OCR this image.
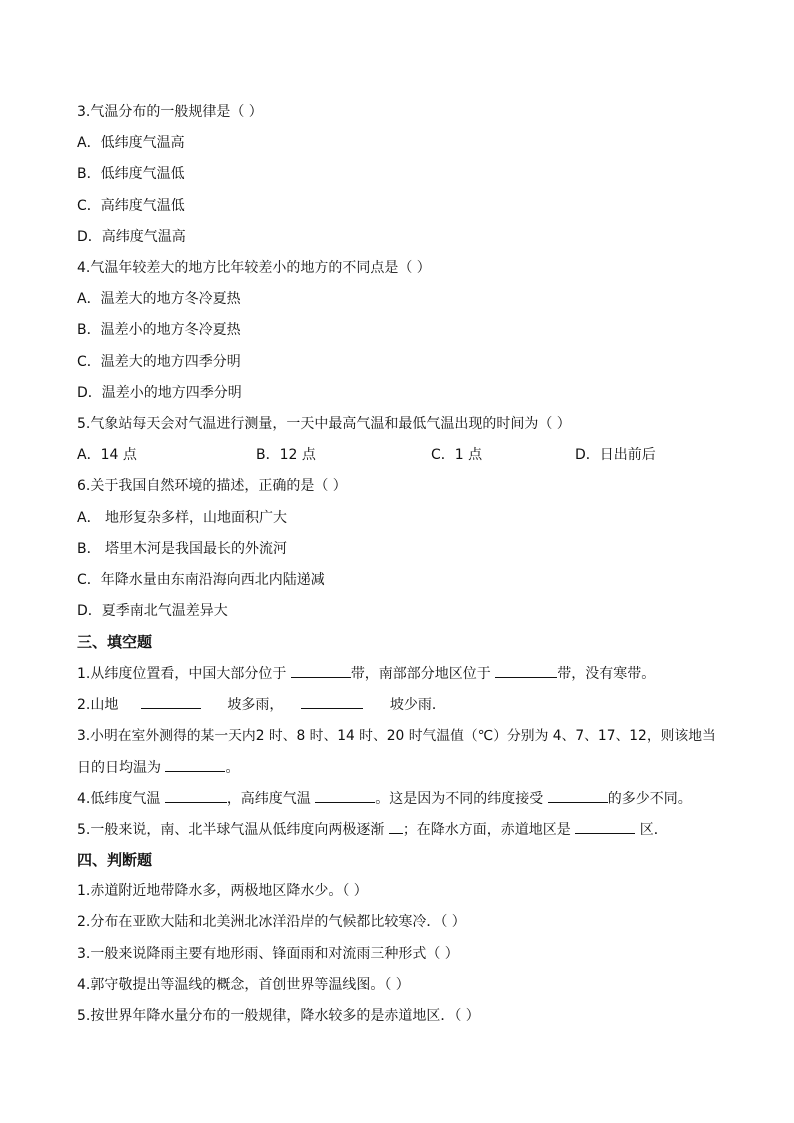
3.气温分布的一般规律是（ ）
A．低纬度气温高
B．低纬度气温低
C．高纬度气温低
D．高纬度气温高
4.气温年较差大的地方比年较差小的地方的不同点是（ ）
A．温差大的地方冬冷夏热
B．温差小的地方冬冷夏热
C．温差大的地方四季分明
D．温差小的地方四季分明
5.气象站每天会对气温进行测量，一天中最高气温和最低气温出现的时间为（ ）
A．14 点	B．12 点	C．1 点	D．日出前后
6.关于我国自然环境的描述，正确的是（ ）
A． 地形复杂多样，山地面积广大
B． 塔里木河是我国最长的外流河
C．年降水量由东南沿海向西北内陆递减
D．夏季南北气温差异大
三、填空题
1.从纬度位置看，中国大部分位于	带，南部部分地区位于	带，没有寒带。
2.山地	坡多雨，	坡少雨．
3.小明在室外测得的某一天内2 时、8 时、14 时、20 时气温值（℃）分别为 4、7、17、12，则该地当
日的日均温为	。
4.低纬度气温	，高纬度气温	。这是因为不同的纬度接受	的多少不同。
5.一般来说，南、北半球气温从低纬度向两极逐渐 ；在降水方面，赤道地区是	区．
四、判断题
1.赤道附近地带降水多，两极地区降水少。（ ）
2.分布在亚欧大陆和北美洲北冰洋沿岸的气候都比较寒冷．（ ）
3.一般来说降雨主要有地形雨、锋面雨和对流雨三种形式（ ）
4.郭守敬提出等温线的概念，首创世界等温线图。（ ）
5.按世界年降水量分布的一般规律，降水较多的是赤道地区．（ ）
